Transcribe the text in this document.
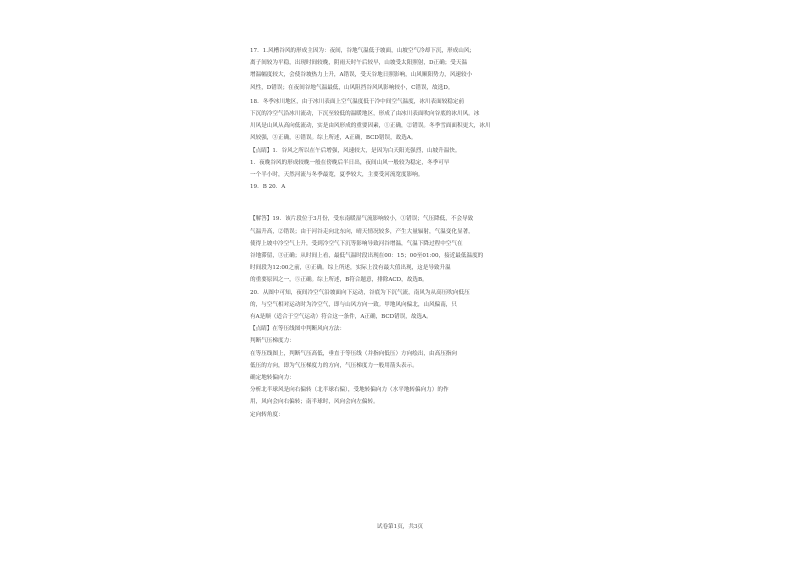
17．1.风槽谷风的形成主因为：夜间，谷地气温低于坡面，山坡空气冷却下沉，形成山风；

离子间较为平稳，出现时间较晚，阴雨天时午后较早，山坡受太阳照射，D正确；受天温

增温幅度较大，会使谷坡热力上升，A错误，受天谷地日照影响，山风顺阳势力，风速较小

风性，D错误；在夜间谷地气温最低，山风阻挡谷风风影响较小，C错误，故选D。

18．冬季冰川地区，由于冰川表面上空气温度低于冷中间空气温度，冰川表面较稳定前

下沉的冷空气沿冰川流动，下沉至较低的温暖地区，形成了由冰川表面吹向谷底的冰川风。冰

川风是山风从高向低流动，实是由风形成的重要因素，①正确，②错误。冬季雪面面积更大，冰川

风较强，③正确，④错误。综上所述，A正确，BCD错误，故选A。

【点睛】1．谷风之所以在午后增强，风速较大，是因为白天阳光强烈，山坡升温快。

1．夜晚谷风的形成较晚一般在傍晚后半日出，夜间山风一般较为稳定，冬季可早

一个半小时，天然河流与冬季最宽，夏季较大，主要受河流宽度影响。

19．B 20．A

【解答】19．该片段位于3月份，受东南暖湿气流影响较小，①错误；气压降低，不会导致

气温升高，②错误；由于河谷走向北东向，晴天情况较多，产生大量辐射，气温变化显著，

使得上坡中冷空气上升，受到冷空气下沉等影响导致河谷增温，气温下降过程中空气在

谷地滞留，③正确；从时间上看，最低气温时段出现在00：15；00至01:00，接近最低温度的

时间段为12:00之前，④正确。综上所述，实际上没有最大值出现，这是导致升温

的重要原因之一，⑤正确。综上所述，B符合题意，排除ACD，故选B。

20．从图中可知，夜间冷空气沿坡面向下运动，谷底为下沉气流，南风为从高压吹向低压

的，与空气相对运动时为冷空气，即与山风方向一致。甲地风向偏北，山风偏南，只

有A是顺（适合于空气运动）符合这一条件，A正确，BCD错误，故选A。

【点睛】在等压线图中判断风向方法：

判断气压梯度力：

在等压线图上，判断气压高低，垂直于等压线（并指向低压）方向绘出，由高压指向

低压的方向，即为气压梯度力的方向，气压梯度力一般用箭头表示。

确定地转偏向力：

分析北半球风是向右偏转（北半球右偏），受地转偏向力（水平地转偏向力）的作

用，风向会向右偏转；南半球时，风向会向左偏转。

定向转角度：

试卷第1页，共3页
